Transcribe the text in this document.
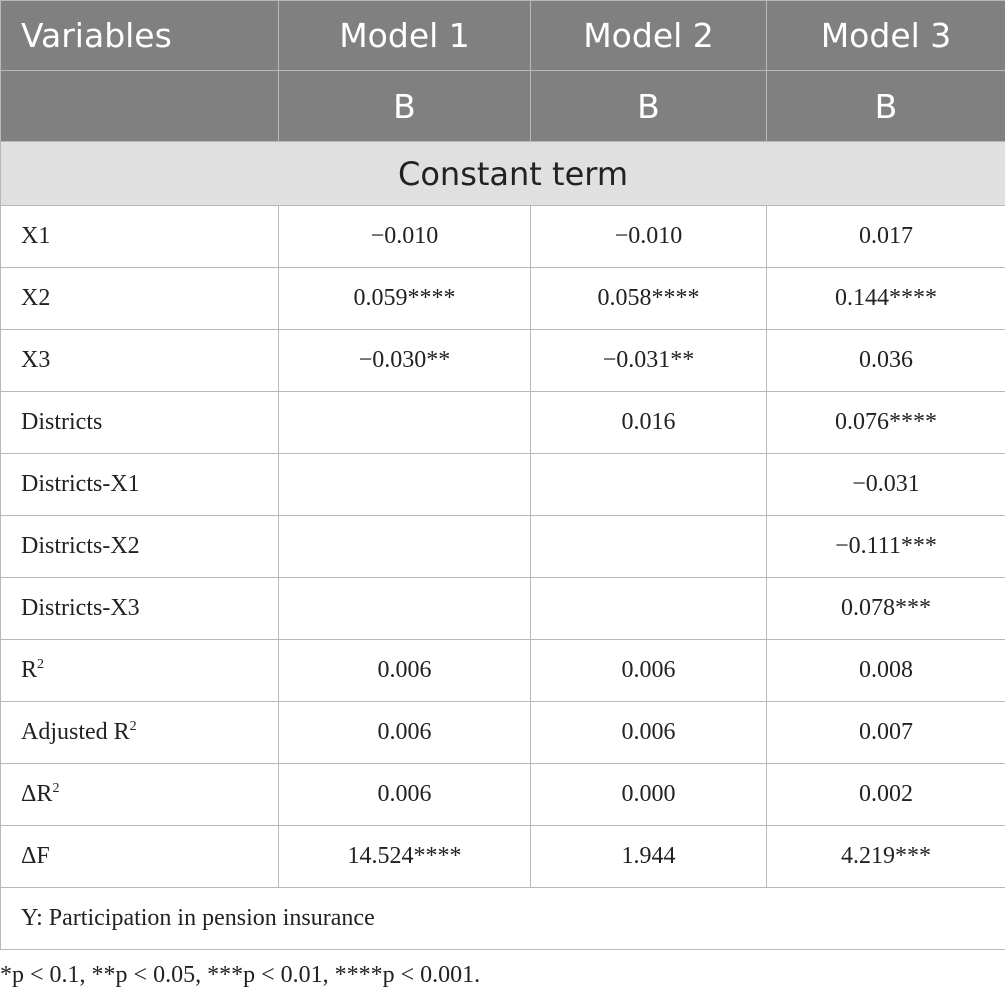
Variables	Model 1	Model 2	Model 3
	B	B	B
Constant term			
X1	−0.010	−0.010	0.017
X2	0.059****	0.058****	0.144****
X3	−0.030**	−0.031**	0.036
Districts		0.016	0.076****
Districts-X1			−0.031
Districts-X2			−0.111***
Districts-X3			0.078***
$R^2$	0.006	0.006	0.008
Adjusted $R^2$	0.006	0.006	0.007
$\Delta R^2$	0.006	0.000	0.002
ΔF	14.524****	1.944	4.219***
Y: Participation in pension insurance			
*p < 0.1, **p < 0.05, ***p < 0.01, ****p < 0.001.
